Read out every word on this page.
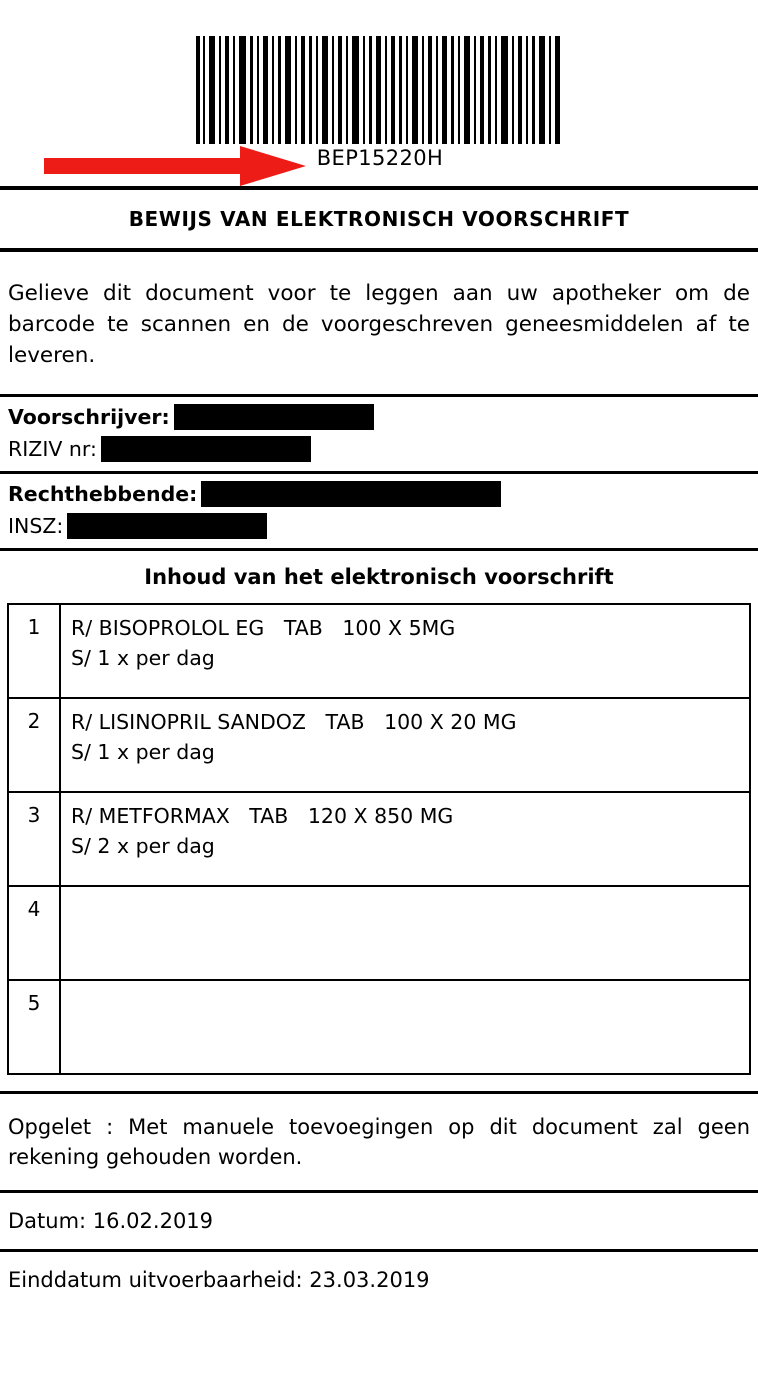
BEP15220H
BEWIJS VAN ELEKTRONISCH VOORSCHRIFT
Gelieve dit document voor te leggen aan uw apotheker om de barcode te scannen en de voorgeschreven geneesmiddelen af te leveren.
Voorschrijver:
RIZIV nr:
Rechthebbende:
INSZ:
Inhoud van het elektronisch voorschrift
1	R/ BISOPROLOL EG   TAB   100 X 5MG
S/ 1 x per dag

2	R/ LISINOPRIL SANDOZ   TAB   100 X 20 MG
S/ 1 x per dag

3	R/ METFORMAX   TAB   120 X 850 MG
S/ 2 x per dag

4	

5	
Opgelet : Met manuele toevoegingen op dit document zal geen rekening gehouden worden.
Datum: 16.02.2019
Einddatum uitvoerbaarheid: 23.03.2019
